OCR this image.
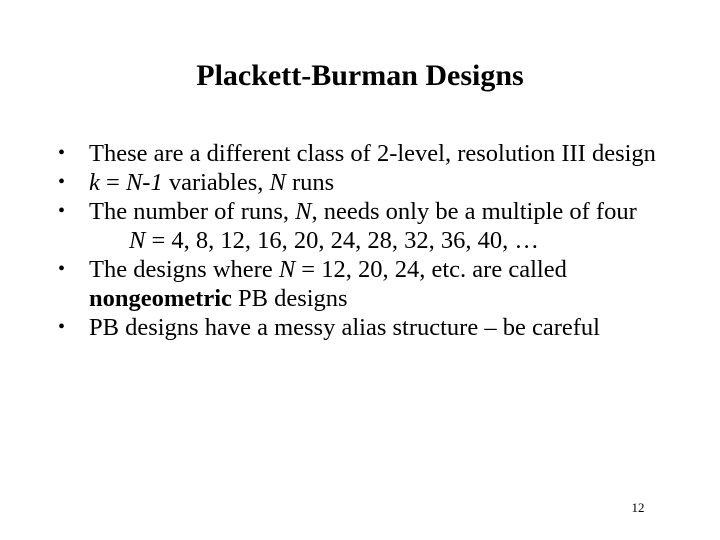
Plackett-Burman Designs
• These are a different class of 2-level, resolution III design
• k = N-1 variables, N runs
• The number of runs, N, needs only be a multiple of four
N = 4, 8, 12, 16, 20, 24, 28, 32, 36, 40, …
• The designs where N = 12, 20, 24, etc. are called nongeometric PB designs
• PB designs have a messy alias structure – be careful
12
